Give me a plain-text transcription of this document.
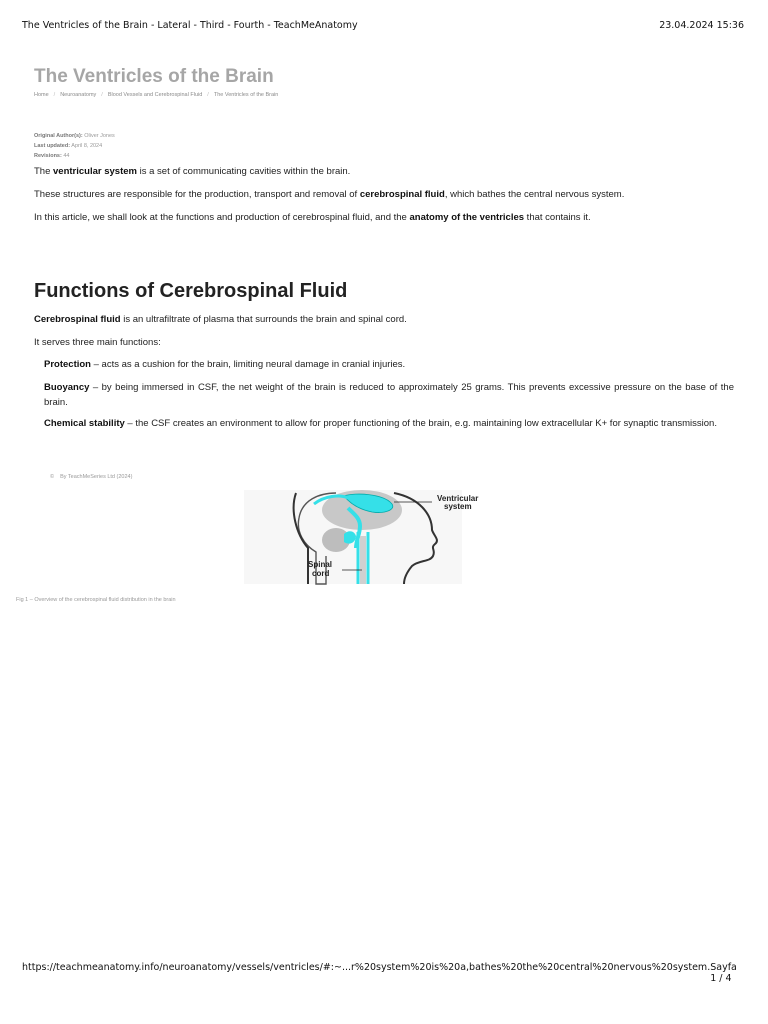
The Ventricles of the Brain - Lateral - Third - Fourth - TeachMeAnatomy	23.04.2024 15:36
The Ventricles of the Brain
Home / Neuroanatomy / Blood Vessels and Cerebrospinal Fluid / The Ventricles of the Brain
Original Author(s): Oliver Jones
Last updated: April 8, 2024
Revisions: 44

The ventricular system is a set of communicating cavities within the brain.

These structures are responsible for the production, transport and removal of cerebrospinal fluid, which bathes the central nervous system.

In this article, we shall look at the functions and production of cerebrospinal fluid, and the anatomy of the ventricles that contains it.

Functions of Cerebrospinal Fluid

Cerebrospinal fluid is an ultrafiltrate of plasma that surrounds the brain and spinal cord.

It serves three main functions:

Protection – acts as a cushion for the brain, limiting neural damage in cranial injuries.

Buoyancy – by being immersed in CSF, the net weight of the brain is reduced to approximately 25 grams. This prevents excessive pressure on the base of the brain.

Chemical stability – the CSF creates an environment to allow for proper functioning of the brain, e.g. maintaining low extracellular K+ for synaptic transmission.

© By TeachMeSeries Ltd (2024)
Ventricular
system
Spinal
cord
Fig 1 – Overview of the cerebrospinal fluid distribution in the brain
https://teachmeanatomy.info/neuroanatomy/vessels/ventricles/#:~...r%20system%20is%20a,bathes%20the%20central%20nervous%20system. Sayfa 1 / 4
